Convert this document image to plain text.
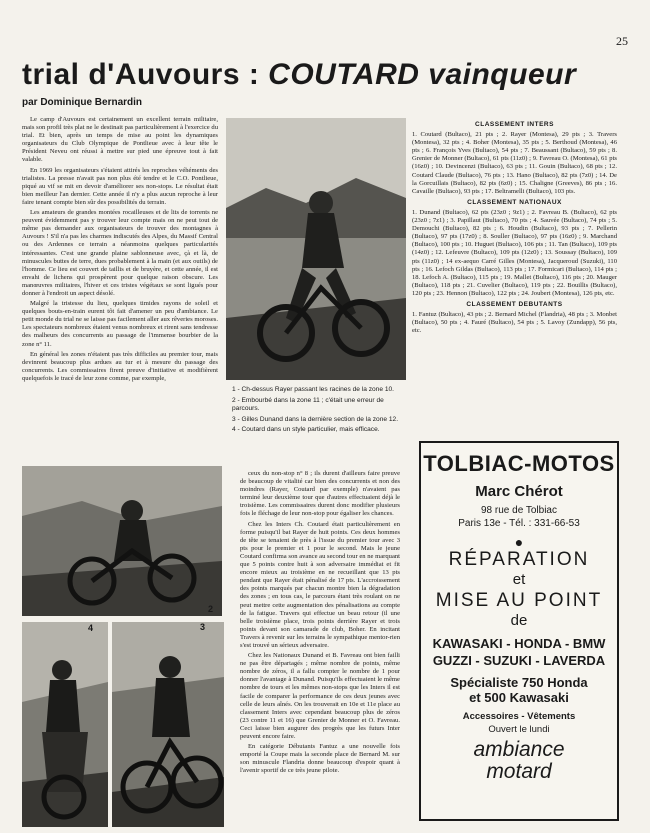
25
trial d'Auvours : COUTARD vainqueur
par Dominique Bernardin

Le camp d'Auvours est certainement un excellent terrain militaire, mais son profil très plat ne le destinait pas particulièrement à l'exercice du trial. Et bien, après un temps de mise au point les dynamiques organisateurs du Club Olympique de Pontlieue avec à leur tête le Président Neveu ont réussi à mettre sur pied une épreuve tout à fait valable.

En 1969 les organisateurs s'étaient attirés les reproches véhéments des trialistes. La presse n'avait pas non plus été tendre et le C.O. Pontlieue, piqué au vif se mit en devoir d'améliorer ses non-stops. Le résultat était bien meilleur l'an dernier. Cette année il n'y a plus aucun reproche à leur faire tenant compte bien sûr des possibilités du terrain.

Les amateurs de grandes montées rocailleuses et de lits de torrents ne peuvent évidemment pas y trouver leur compte mais on ne peut tout de même pas demander aux organisateurs de trouver des montagnes à Auvours ! S'il n'a pas les charmes indiscutés des Alpes, du Massif Central ou des Ardennes ce terrain a néanmoins quelques particularités intéressantes. C'est une grande plaine sablonneuse avec, çà et là, de minuscules buttes de terre, dues probablement à la main (et aux outils) de l'homme. Ce lieu est couvert de taillis et de bruyère, et cette année, il est envahi de lichens qui prospèrent pour quelque raison obscure. Les manœuvres militaires, l'hiver et ces tristes végétaux se sont ligués pour donner à l'endroit un aspect désolé.

Malgré la tristesse du lieu, quelques timides rayons de soleil et quelques bouts-en-train eurent tôt fait d'amener un peu d'ambiance. Le petit monde du trial ne se laisse pas facilement aller aux rêveries moroses. Les spectateurs nombreux étaient venus nombreux et rirent sans tendresse des malheurs des concurrents au passage de l'immense bourbier de la zone n° 11.

En général les zones n'étaient pas très difficiles au premier tour, mais devinrent beaucoup plus ardues au tur et à mesure du passage des concurrents. Les commissaires firent preuve d'initiative et modifièrent quelquefois le tracé de leur zone comme, par exemple,

1 - Ch-dessus Rayer passant les racines de la zone 10.
2 - Embourbé dans la zone 11 ; c'était une erreur de parcours.
3 - Gilles Dunand dans la dernière section de la zone 12.
4 - Coutard dans un style particulier, mais efficace.
CLASSEMENT INTERS

1. Coutard (Bultaco), 21 pts ; 2. Rayer (Montesa), 29 pts ; 3. Travers (Montesa), 32 pts ; 4. Boher (Montesa), 35 pts ; 5. Berthoud (Montesa), 46 pts ; 6. François Yves (Bultaco), 54 pts ; 7. Beaussant (Bultaco), 59 pts ; 8. Grenier de Monner (Bultaco), 61 pts (11z0) ; 9. Favreau O. (Montesa), 61 pts (16z0) ; 10. Devincenzi (Bultaco), 63 pts ; 11. Gouin (Bultaco), 68 pts ; 12. Coutard Claude (Bultaco), 76 pts ; 13. Hano (Bultaco), 82 pts (7z0) ; 14. De la Gorcuillais (Bultaco), 82 pts (6z0) ; 15. Chaligne (Greeves), 86 pts ; 16. Cavaille (Bultaco), 93 pts ; 17. Beltramelli (Bultaco), 103 pts.

CLASSEMENT NATIONAUX

1. Dunand (Bultaco), 62 pts (23z0 ; 9z1) ; 2. Favreau B. (Bultaco), 62 pts (23z0 ; 7z1) ; 3. Papillaut (Bultaco), 70 pts ; 4. Sauvée (Bultaco), 74 pts ; 5. Demouchi (Bultaco), 82 pts ; 6. Houdin (Bultaco), 93 pts ; 7. Pellerin (Bultaco), 97 pts (17z0) ; 8. Souller (Bultaco), 97 pts (16z0) ; 9. Marchand (Bultaco), 100 pts ; 10. Huguet (Bultaco), 106 pts ; 11. Tan (Bultaco), 109 pts (14z0) ; 12. Lefeuvre (Bultaco), 109 pts (12z0) ; 13. Soussay (Bultaco), 109 pts (11z0) ; 14 ex-aequo Carré Gilles (Montesa), Jacqueroud (Suzuki), 110 pts ; 16. Lefoch Gildas (Bultaco), 113 pts ; 17. Formicari (Bultaco), 114 pts ; 18. Lefoch A. (Bultaco), 115 pts ; 19. Mallet (Bultaco), 116 pts ; 20. Mauger (Bultaco), 118 pts ; 21. Cuvelier (Bultaco), 119 pts ; 22. Bouillis (Bultaco), 120 pts ; 23. Hennon (Bultaco), 122 pts ; 24. Joubert (Montesa), 126 pts, etc.

CLASSEMENT DEBUTANTS

1. Fantuz (Bultaco), 43 pts ; 2. Bernard Michel (Flandria), 48 pts ; 3. Monbet (Bultaco), 50 pts ; 4. Fauré (Bultaco), 54 pts ; 5. Lavoy (Zundapp), 56 pts, etc.

2
4	3

ceux du non-stop n° 8 ; ils durent d'ailleurs faire preuve de beaucoup de vitalité car bien des concurrents et non des moindres (Rayer, Coutard par exemple) n'avaient pas terminé leur deuxième tour que d'autres effectuaient déjà le troisième. Les commissaires durent donc modifier plusieurs fois le fléchage de leur non-stop pour égaliser les chances.

Chez les Inters Ch. Coutard était particulièrement en forme puisqu'il bat Rayer de huit points. Ces deux hommes de tête se tenaient de près à l'issue du premier tour avec 3 pts pour le premier et 1 pour le second. Mais le jeune Coutard confirma son avance au second tour en ne marquant que 5 points contre huit à son adversaire immédiat et fit encore mieux au troisième en ne recueillant que 13 pts pendant que Rayer était pénalisé de 17 pts. L'accroissement des points marqués par chacun montre bien la dégradation des zones ; en tous cas, le parcours étant très roulant on ne peut mettre cette augmentation des pénalisations au compte de la fatigue. Travers qui effectue un beau retour (il une belle troisième place, trois points derrière Rayer et trois points devant son camarade de club, Boher. En incitant Travers à revenir sur les terrains le sympathique mentor-rien s'est trouvé un sérieux adversaire.

Chez les Nationaux Dunand et B. Favreau ont bien failli ne pas être départagés ; même nombre de points, même nombre de zéros, il a fallu compter le nombre de 1 pour donner l'avantage à Dunand. Puisqu'ils effectuaient le même nombre de tours et les mêmes non-stops que les Inters il est facile de comparer la performance de ces deux jeunes avec celle de leurs aînés. On les trouverait en 10e et 11e place au classement Inters avec cependant beaucoup plus de zéros (23 contre 11 et 16) que Grenier de Monner et O. Favreau. Ceci laisse bien augurer des progrès que les futurs Inter peuvent encore faire.

En catégorie Débutants Fantuz a une nouvelle fois emporté la Coupe mais la seconde place de Bernard M. sur son minuscule Flandria donne beaucoup d'espoir quant à l'avenir sportif de ce très jeune pilote.

TOLBIAC-MOTOS
Marc Chérot
98 rue de Tolbiac
Paris 13e - Tél. : 331-66-53
●
RÉPARATION
et
MISE AU POINT
de
KAWASAKI - HONDA - BMW
GUZZI - SUZUKI - LAVERDA
Spécialiste 750 Honda
et 500 Kawasaki
Accessoires - Vêtements
Ouvert le lundi
ambiance
motard
